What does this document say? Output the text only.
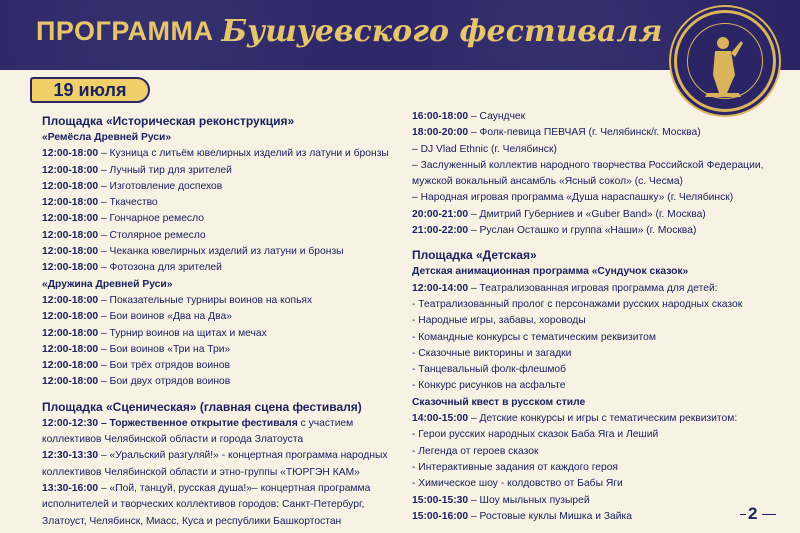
ПРОГРАММА Бушуевского фестиваля
19 июля
Площадка «Историческая реконструкция»
«Ремёсла Древней Руси»
12:00-18:00 – Кузница с литьём ювелирных изделий из латуни и бронзы
12:00-18:00 – Лучный тир для зрителей
12:00-18:00 – Изготовление доспехов
12:00-18:00 – Ткачество
12:00-18:00 – Гончарное ремесло
12:00-18:00 – Столярное ремесло
12:00-18:00 – Чеканка ювелирных изделий из латуни и бронзы
12:00-18:00 – Фотозона для зрителей
«Дружина Древней Руси»
12:00-18:00 – Показательные турниры воинов на копьях
12:00-18:00 – Бои воинов «Два на Два»
12:00-18:00 – Турнир воинов на щитах и мечах
12:00-18:00 – Бои воинов «Три на Три»
12:00-18:00 – Бои трёх отрядов воинов
12:00-18:00 – Бои двух отрядов воинов
Площадка «Сценическая» (главная сцена фестиваля)
12:00-12:30 – Торжественное открытие фестиваля с участием коллективов Челябинской области и города Златоуста
12:30-13:30 – «Уральский разгуляй!» - концертная программа народных коллективов Челябинской области и этно-группы «ТЮРГЭН КАМ»
13:30-16:00 – «Пой, танцуй, русская душа!»– концертная программа исполнителей и творческих коллективов городов: Санкт-Петербург, Златоуст, Челябинск, Миасс, Куса и республики Башкортостан
16:00-18:00 – Саундчек
18:00-20:00 – Фолк-певица ПЕВЧАЯ (г. Челябинск/г. Москва)
– DJ Vlad Ethnic (г. Челябинск)
– Заслуженный коллектив народного творчества Российской Федерации, мужской вокальный ансамбль «Ясный сокол» (с. Чесма)
– Народная игровая программа «Душа нараспашку» (г. Челябинск)
20:00-21:00 – Дмитрий Губерниев и «Guber Band» (г. Москва)
21:00-22:00 – Руслан Осташко и группа «Наши» (г. Москва)
Площадка «Детская»
Детская анимационная программа «Сундучок сказок»
12:00-14:00 – Театрализованная игровая программа для детей:
- Театрализованный пролог с персонажами русских народных сказок
- Народные игры, забавы, хороводы
- Командные конкурсы с тематическим реквизитом
- Сказочные викторины и загадки
- Танцевальный фолк-флешмоб
- Конкурс рисунков на асфальте
Сказочный квест в русском стиле
14:00-15:00 – Детские конкурсы и игры с тематическим реквизитом:
- Герои русских народных сказок Баба Яга и Леший
- Легенда от героев сказок
- Интерактивные задания от каждого героя
- Химическое шоу - колдовство от Бабы Яги
15:00-15:30 – Шоу мыльных пузырей
15:00-16:00 – Ростовые куклы Мишка и Зайка	2
